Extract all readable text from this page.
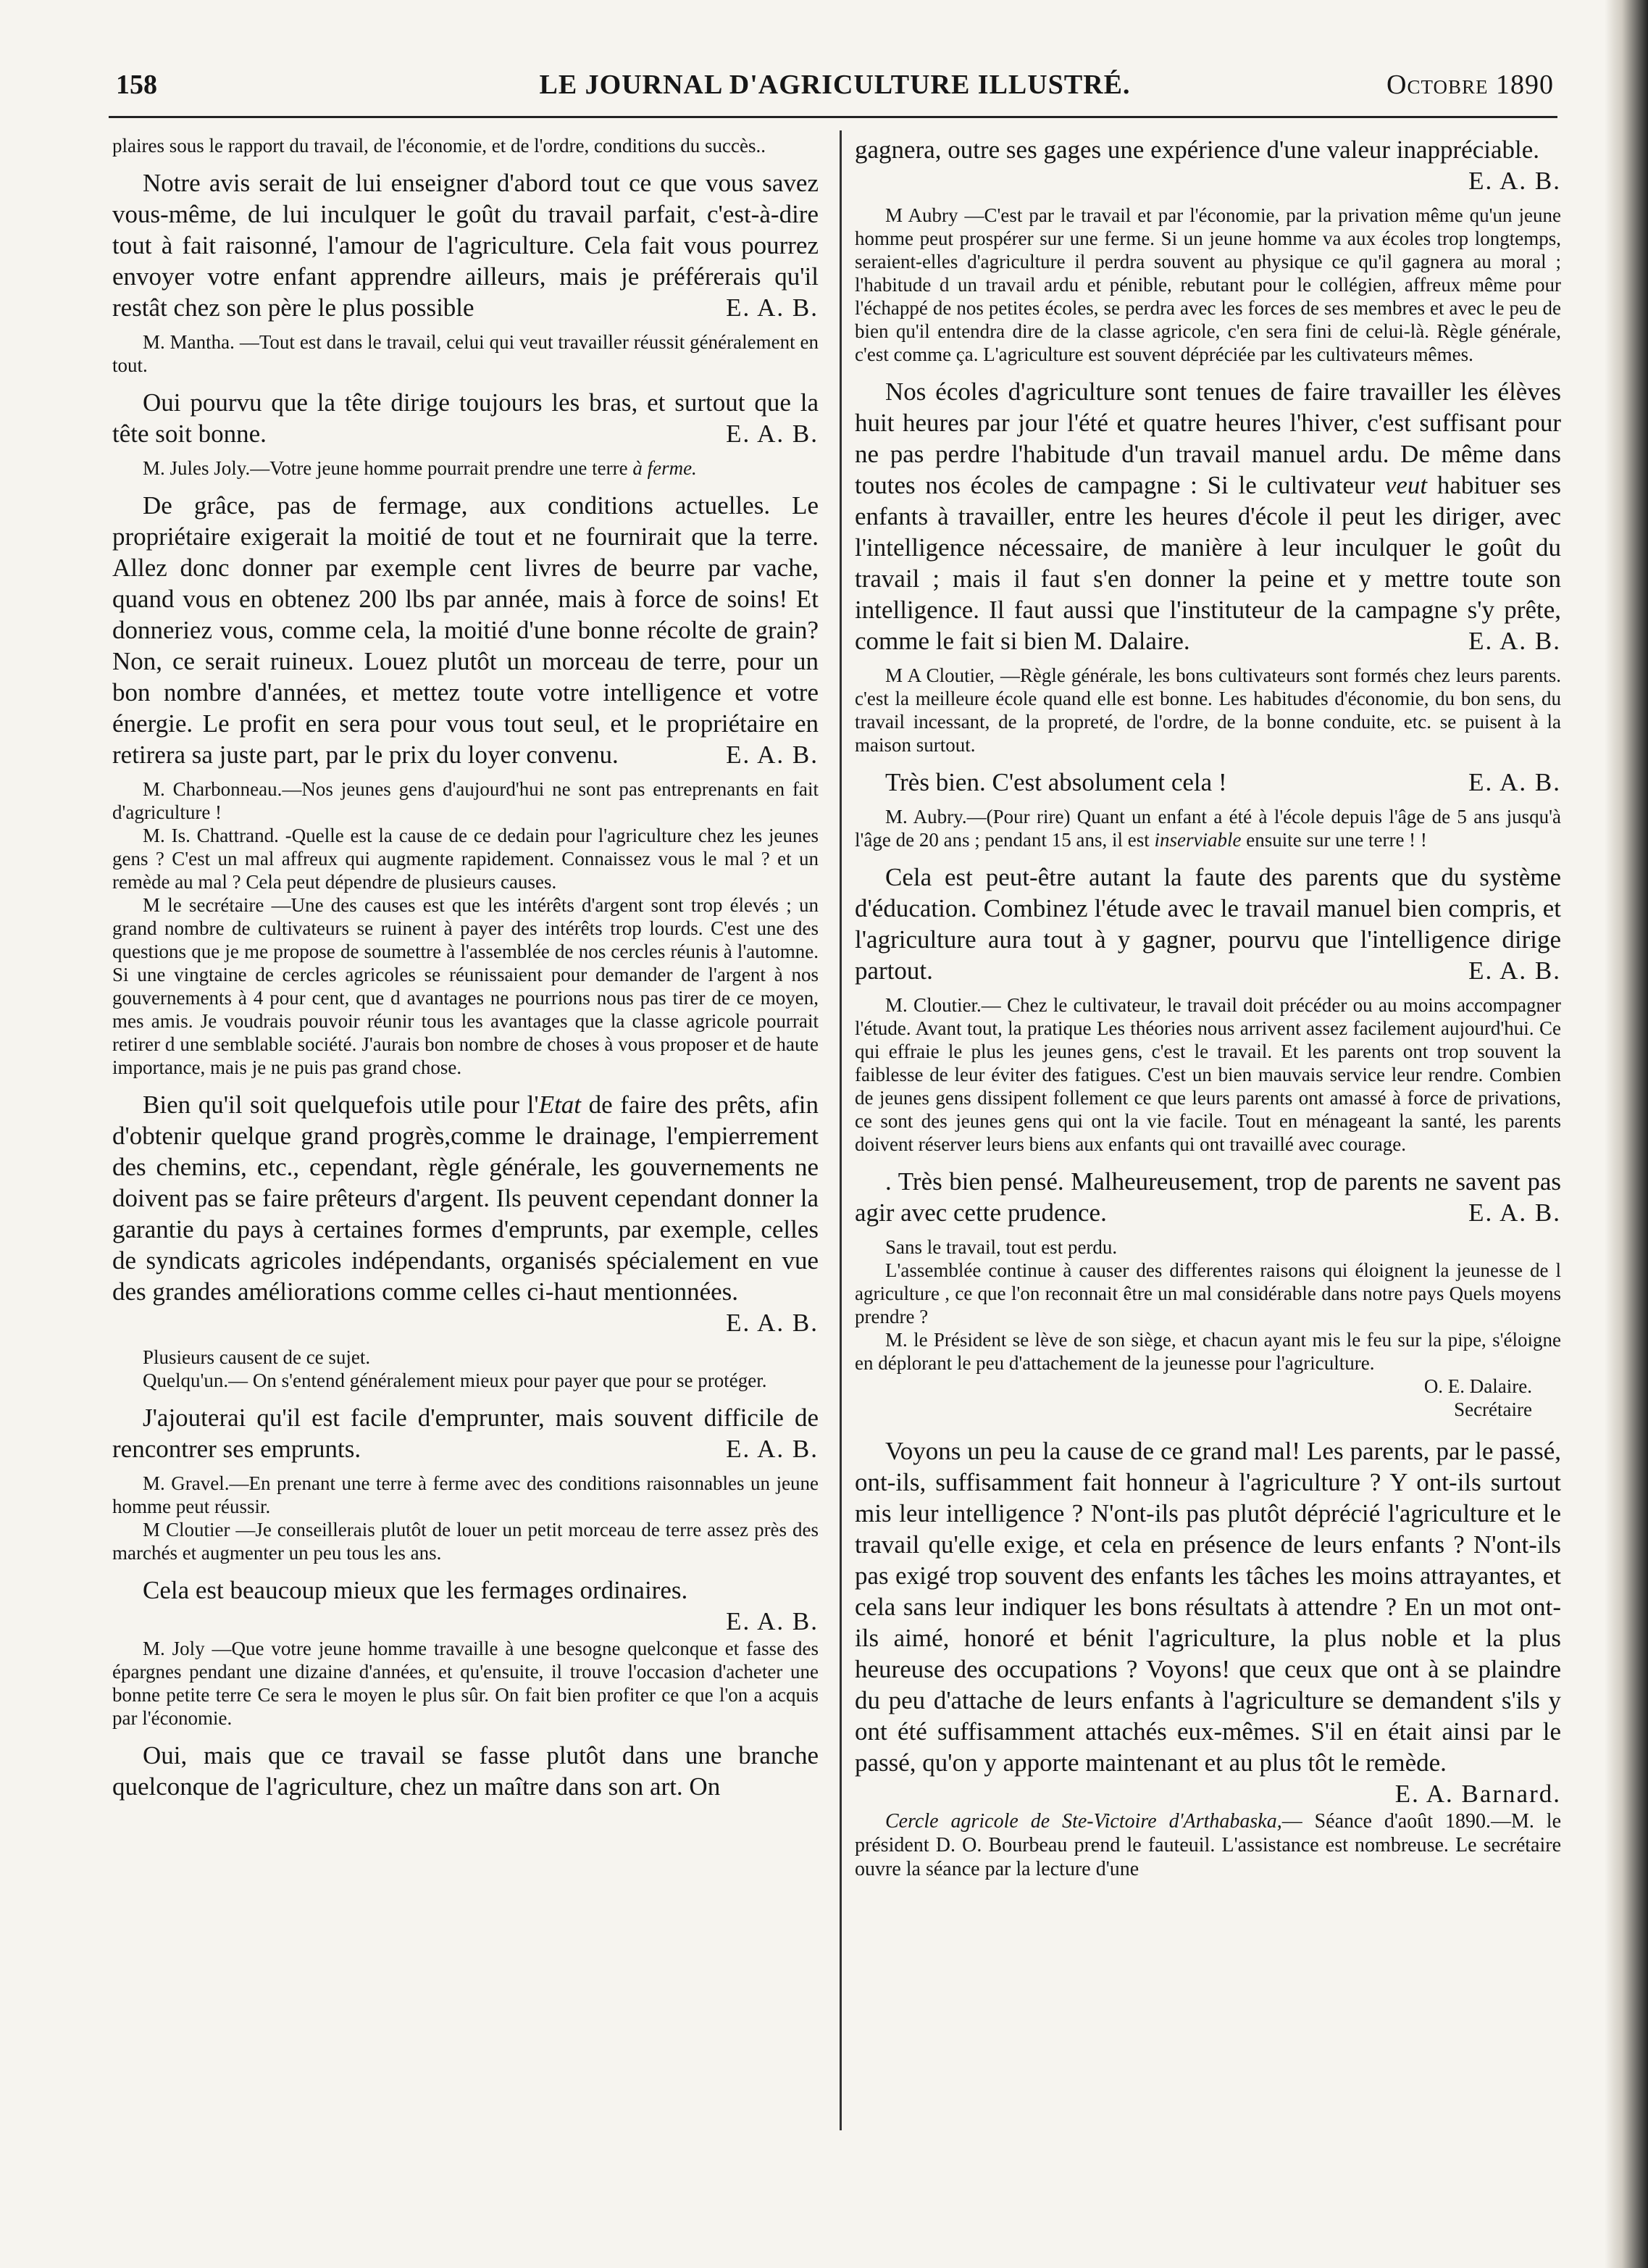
158	LE JOURNAL D'AGRICULTURE ILLUSTRÉ.	Octobre 1890

plaires sous le rapport du travail, de l'économie, et de l'ordre, conditions du succès..

Notre avis serait de lui enseigner d'abord tout ce que vous savez vous-même, de lui inculquer le goût du travail parfait, c'est-à-dire tout à fait raisonné, l'amour de l'agriculture. Cela fait vous pourrez envoyer votre enfant apprendre ailleurs, mais je préférerais qu'il restât chez son père le plus possible	E. A. B.

M. Mantha. —Tout est dans le travail, celui qui veut travailler réussit généralement en tout.

Oui pourvu que la tête dirige toujours les bras, et surtout que la tête soit bonne.	E. A. B.

M. Jules Joly.—Votre jeune homme pourrait prendre une terre à ferme.

De grâce, pas de fermage, aux conditions actuelles. Le propriétaire exigerait la moitié de tout et ne fournirait que la terre. Allez donc donner par exemple cent livres de beurre par vache, quand vous en obtenez 200 lbs par année, mais à force de soins! Et donneriez vous, comme cela, la moitié d'une bonne récolte de grain? Non, ce serait ruineux. Louez plutôt un morceau de terre, pour un bon nombre d'années, et mettez toute votre intelligence et votre énergie. Le profit en sera pour vous tout seul, et le propriétaire en retirera sa juste part, par le prix du loyer convenu.	E. A. B.

M. Charbonneau.—Nos jeunes gens d'aujourd'hui ne sont pas entreprenants en fait d'agriculture !

M. Is. Chattrand. -Quelle est la cause de ce dedain pour l'agriculture chez les jeunes gens ? C'est un mal affreux qui augmente rapidement. Connaissez vous le mal ? et un remède au mal ? Cela peut dépendre de plusieurs causes.

M le secrétaire —Une des causes est que les intérêts d'argent sont trop élevés ; un grand nombre de cultivateurs se ruinent à payer des intérêts trop lourds. C'est une des questions que je me propose de soumettre à l'assemblée de nos cercles réunis à l'automne. Si une vingtaine de cercles agricoles se réunissaient pour demander de l'argent à nos gouvernements à 4 pour cent, que d avantages ne pourrions nous pas tirer de ce moyen, mes amis. Je voudrais pouvoir réunir tous les avantages que la classe agricole pourrait retirer d une semblable société. J'aurais bon nombre de choses à vous proposer et de haute importance, mais je ne puis pas grand chose.

Bien qu'il soit quelquefois utile pour l'Etat de faire des prêts, afin d'obtenir quelque grand progrès,comme le drainage, l'empierrement des chemins, etc., cependant, règle générale, les gouvernements ne doivent pas se faire prêteurs d'argent. Ils peuvent cependant donner la garantie du pays à certaines formes d'emprunts, par exemple, celles de syndicats agricoles indépendants, organisés spécialement en vue des grandes améliorations comme celles ci-haut mentionnées.
E. A. B.

Plusieurs causent de ce sujet.

Quelqu'un.— On s'entend généralement mieux pour payer que pour se protéger.

J'ajouterai qu'il est facile d'emprunter, mais souvent difficile de rencontrer ses emprunts.	E. A. B.

M. Gravel.—En prenant une terre à ferme avec des conditions raisonnables un jeune homme peut réussir.

M Cloutier —Je conseillerais plutôt de louer un petit morceau de terre assez près des marchés et augmenter un peu tous les ans.

Cela est beaucoup mieux que les fermages ordinaires.

E. A. B.

M. Joly —Que votre jeune homme travaille à une besogne quelconque et fasse des épargnes pendant une dizaine d'années, et qu'ensuite, il trouve l'occasion d'acheter une bonne petite terre Ce sera le moyen le plus sûr. On fait bien profiter ce que l'on a acquis par l'économie.

Oui, mais que ce travail se fasse plutôt dans une branche quelconque de l'agriculture, chez un maître dans son art. On

gagnera, outre ses gages une expérience d'une valeur inappréciable.
E. A. B.

M Aubry —C'est par le travail et par l'économie, par la privation même qu'un jeune homme peut prospérer sur une ferme. Si un jeune homme va aux écoles trop longtemps, seraient-elles d'agriculture il perdra souvent au physique ce qu'il gagnera au moral ; l'habitude d un travail ardu et pénible, rebutant pour le collégien, affreux même pour l'échappé de nos petites écoles, se perdra avec les forces de ses membres et avec le peu de bien qu'il entendra dire de la classe agricole, c'en sera fini de celui-là. Règle générale, c'est comme ça. L'agriculture est souvent dépréciée par les cultivateurs mêmes.

Nos écoles d'agriculture sont tenues de faire travailler les élèves huit heures par jour l'été et quatre heures l'hiver, c'est suffisant pour ne pas perdre l'habitude d'un travail manuel ardu. De même dans toutes nos écoles de campagne : Si le cultivateur veut habituer ses enfants à travailler, entre les heures d'école il peut les diriger, avec l'intelligence nécessaire, de manière à leur inculquer le goût du travail ; mais il faut s'en donner la peine et y mettre toute son intelligence. Il faut aussi que l'instituteur de la campagne s'y prête, comme le fait si bien M. Dalaire.	E. A. B.

M A Cloutier, —Règle générale, les bons cultivateurs sont formés chez leurs parents. c'est la meilleure école quand elle est bonne. Les habitudes d'économie, du bon sens, du travail incessant, de la propreté, de l'ordre, de la bonne conduite, etc. se puisent à la maison surtout.

Très bien. C'est absolument cela !	E. A. B.

M. Aubry.—(Pour rire) Quant un enfant a été à l'école depuis l'âge de 5 ans jusqu'à l'âge de 20 ans ; pendant 15 ans, il est inserviable ensuite sur une terre ! !

Cela est peut-être autant la faute des parents que du système d'éducation. Combinez l'étude avec le travail manuel bien compris, et l'agriculture aura tout à y gagner, pourvu que l'intelligence dirige partout.	E. A. B.

M. Cloutier.— Chez le cultivateur, le travail doit précéder ou au moins accompagner l'étude. Avant tout, la pratique Les théories nous arrivent assez facilement aujourd'hui. Ce qui effraie le plus les jeunes gens, c'est le travail. Et les parents ont trop souvent la faiblesse de leur éviter des fatigues. C'est un bien mauvais service leur rendre. Combien de jeunes gens dissipent follement ce que leurs parents ont amassé à force de privations, ce sont des jeunes gens qui ont la vie facile. Tout en ménageant la santé, les parents doivent réserver leurs biens aux enfants qui ont travaillé avec courage.

. Très bien pensé. Malheureusement, trop de parents ne savent pas agir avec cette prudence.	E. A. B.

Sans le travail, tout est perdu.

L'assemblée continue à causer des differentes raisons qui éloignent la jeunesse de l agriculture , ce que l'on reconnait être un mal considérable dans notre pays Quels moyens prendre ?

M. le Président se lève de son siège, et chacun ayant mis le feu sur la pipe, s'éloigne en déplorant le peu d'attachement de la jeunesse pour l'agriculture.

O. E. Dalaire.

Secrétaire

Voyons un peu la cause de ce grand mal! Les parents, par le passé, ont-ils, suffisamment fait honneur à l'agriculture ? Y ont-ils surtout mis leur intelligence ? N'ont-ils pas plutôt déprécié l'agriculture et le travail qu'elle exige, et cela en présence de leurs enfants ? N'ont-ils pas exigé trop souvent des enfants les tâches les moins attrayantes, et cela sans leur indiquer les bons résultats à attendre ? En un mot ont-ils aimé, honoré et bénit l'agriculture, la plus noble et la plus heureuse des occupations ? Voyons! que ceux que ont à se plaindre du peu d'attache de leurs enfants à l'agriculture se demandent s'ils y ont été suffisamment attachés eux-mêmes. S'il en était ainsi par le passé, qu'on y apporte maintenant et au plus tôt le remède.

E. A. Barnard.

Cercle agricole de Ste-Victoire d'Arthabaska,— Séance d'août 1890.—M. le président D. O. Bourbeau prend le fauteuil. L'assistance est nombreuse. Le secrétaire ouvre la séance par la lecture d'une
